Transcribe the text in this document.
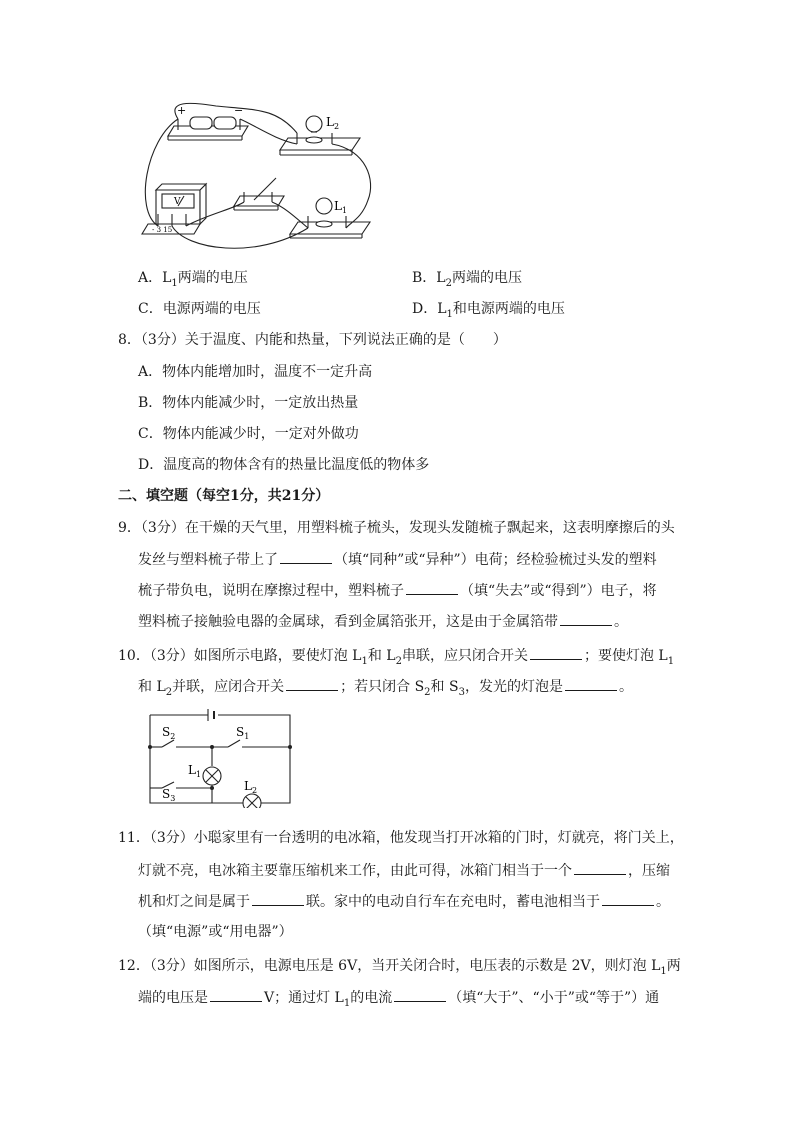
+	−
$L_2$
$L_1$
V
- 3 15
A．$L_1$两端的电压	B．$L_2$两端的电压
C．电源两端的电压	D．$L_1$和电源两端的电压
8．（3分）关于温度、内能和热量，下列说法正确的是（　　）
A．物体内能增加时，温度不一定升高
B．物体内能减少时，一定放出热量
C．物体内能减少时，一定对外做功
D．温度高的物体含有的热量比温度低的物体多
二、填空题（每空1分，共21分）
9．（3分）在干燥的天气里，用塑料梳子梳头，发现头发随梳子飘起来，这表明摩擦后的头
发丝与塑料梳子带上了	（填“同种”或“异种”）电荷；经检验梳过头发的塑料
梳子带负电，说明在摩擦过程中，塑料梳子	（填“失去”或“得到”）电子，将
塑料梳子接触验电器的金属球，看到金属箔张开，这是由于金属箔带	。
10．（3分）如图所示电路，要使灯泡 $L_1$和 $L_2$串联，应只闭合开关	；要使灯泡 $L_1$
和 $L_2$并联，应闭合开关	；若只闭合 $S_2$和 $S_3$，发光的灯泡是	。
$S_2$	$S_1$
$L_1$
$S_3$
$L_2$
11．（3分）小聪家里有一台透明的电冰箱，他发现当打开冰箱的门时，灯就亮，将门关上，
灯就不亮，电冰箱主要靠压缩机来工作，由此可得，冰箱门相当于一个	，压缩
机和灯之间是属于	联。家中的电动自行车在充电时，蓄电池相当于	。
（填“电源”或“用电器”）
12．（3分）如图所示，电源电压是 6V，当开关闭合时，电压表的示数是 2V，则灯泡 $L_1$两
端的电压是	V；通过灯 $L_1$的电流	（填“大于”、“小于”或“等于”）通
